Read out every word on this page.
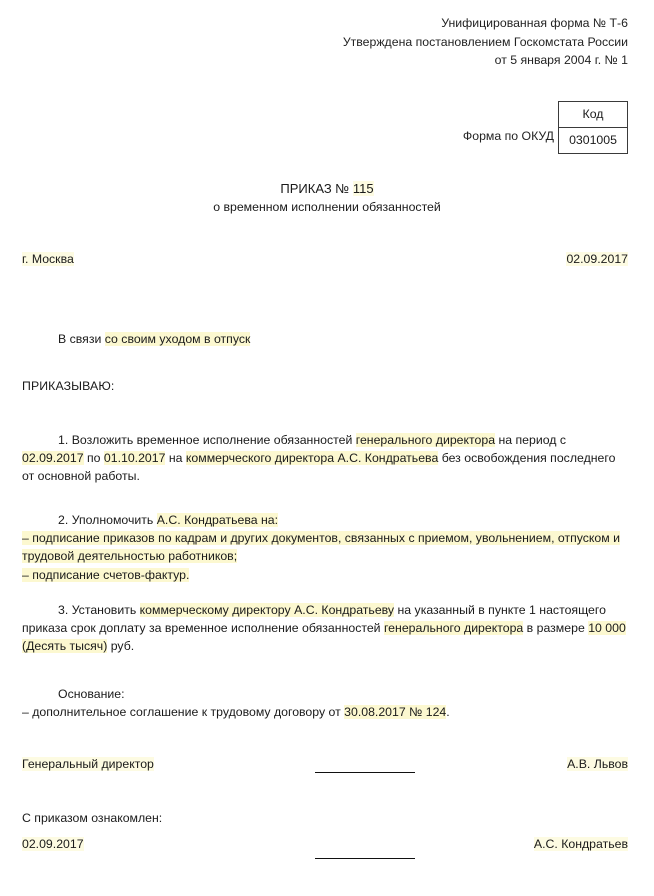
Унифицированная форма № Т-6
Утверждена постановлением Госкомстата России
от 5 января 2004 г. № 1
Форма по ОКУД
Код
0301005
ПРИКАЗ № 115
о временном исполнении обязанностей
г. Москва	02.09.2017
В связи со своим уходом в отпуск
ПРИКАЗЫВАЮ:
1. Возложить временное исполнение обязанностей генерального директора на период с 02.09.2017 по 01.10.2017 на коммерческого директора А.С. Кондратьева без освобождения последнего от основной работы.
2. Уполномочить А.С. Кондратьева на:
– подписание приказов по кадрам и других документов, связанных с приемом, увольнением, отпуском и трудовой деятельностью работников;
– подписание счетов-фактур.
3. Установить коммерческому директору А.С. Кондратьеву на указанный в пункте 1 настоящего приказа срок доплату за временное исполнение обязанностей генерального директора в размере 10 000 (Десять тысяч) руб.
Основание:
– дополнительное соглашение к трудовому договору от 30.08.2017 № 124.
Генеральный директор	А.В. Львов
С приказом ознакомлен:
02.09.2017	А.С. Кондратьев
